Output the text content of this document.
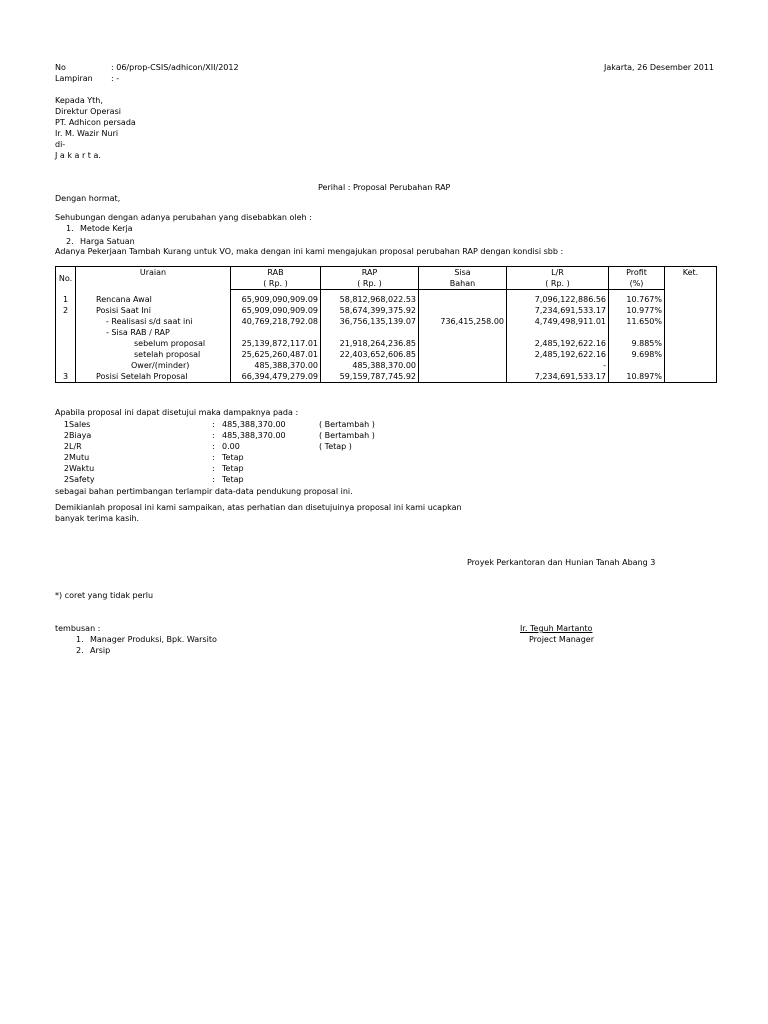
No	: 06/prop-CSIS/adhicon/XII/2012
Lampiran	: -
Jakarta, 26 Desember 2011
Kepada Yth,
Direktur Operasi
PT. Adhicon persada
Ir. M. Wazir Nuri
di-
J a k a r t a.
Perihal : Proposal Perubahan RAP
Dengan hormat,
Sehubungan dengan adanya perubahan yang disebabkan oleh :
1. Metode Kerja
2. Harga Satuan
Adanya Pekerjaan Tambah Kurang untuk VO, maka dengan ini kami mengajukan proposal perubahan RAP dengan kondisi sbb :
No.	Uraian	RAB	RAP	Sisa	L/R	Profit	Ket.
		( Rp. )	( Rp. )	Bahan	( Rp. )	(%)	

1	Rencana Awal	65,909,090,909.09	58,812,968,022.53		7,096,122,886.56	10.767%	
2	Posisi Saat Ini	65,909,090,909.09	58,674,399,375.92		7,234,691,533.17	10.977%	
	- Realisasi s/d saat ini	40,769,218,792.08	36,756,135,139.07	736,415,258.00	4,749,498,911.01	11.650%	
	- Sisa RAB / RAP						
	sebelum proposal	25,139,872,117.01	21,918,264,236.85		2,485,192,622.16	9.885%	
	setelah proposal	25,625,260,487.01	22,403,652,606.85		2,485,192,622.16	9.698%	
	Ower/(minder)	485,388,370.00	485,388,370.00		-		
3	Posisi Setelah Proposal	66,394,479,279.09	59,159,787,745.92		7,234,691,533.17	10.897%	
Apabila proposal ini dapat disetujui maka dampaknya pada :
1 Sales	: 485,388,370.00	( Bertambah )
2 Biaya	: 485,388,370.00	( Bertambah )
2 L/R	: 0.00	( Tetap )
2 Mutu	: Tetap
2 Waktu	: Tetap
2 Safety	: Tetap
sebagai bahan pertimbangan terlampir data-data pendukung proposal ini.
Demikianlah proposal ini kami sampaikan, atas perhatian dan disetujuinya proposal ini kami ucapkan
banyak terima kasih.
Proyek Perkantoran dan Hunian Tanah Abang 3
*) coret yang tidak perlu
tembusan :
1. Manager Produksi, Bpk. Warsito
2. Arsip
Ir. Teguh Martanto
Project Manager
